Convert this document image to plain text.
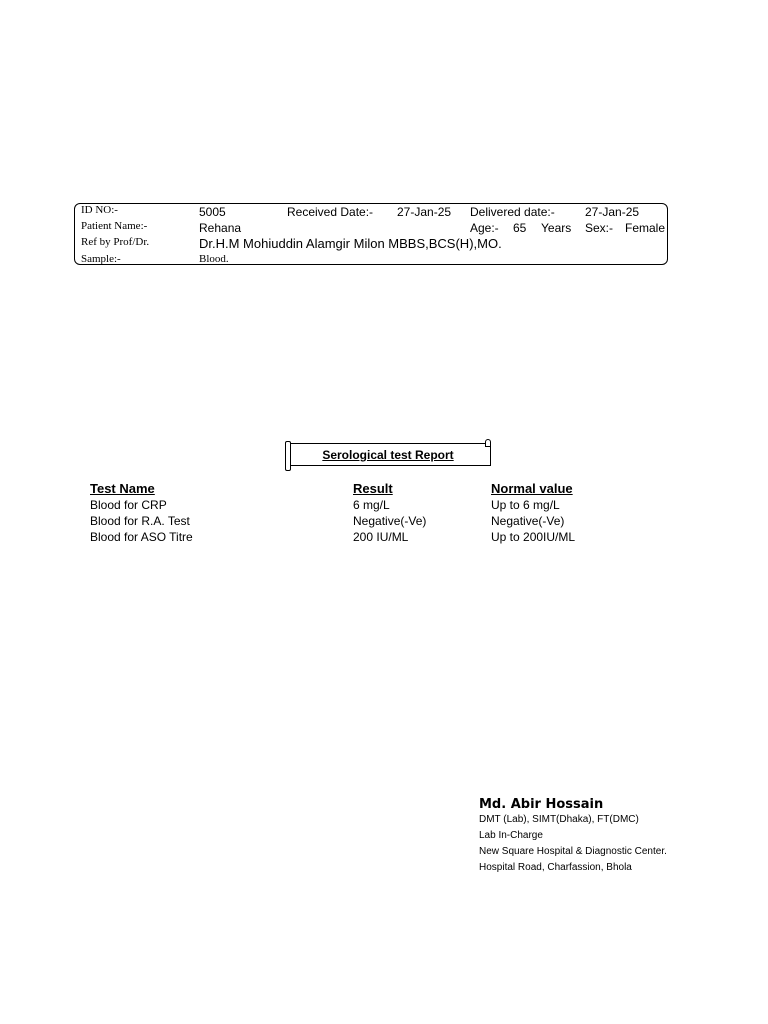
ID NO:-	5005	Received Date:- 27-Jan-25 Delivered date:-	27-Jan-25
Patient Name:-	Rehana	Age:- 65 Years Sex:- Female
Ref by Prof/Dr.	Dr.H.M Mohiuddin Alamgir Milon MBBS,BCS(H),MO.
Sample:-	Blood.
Serological test Report
Test Name	Result	Normal value
Blood for CRP	6 mg/L	Up to 6 mg/L
Blood for R.A. Test	Negative(-Ve)	Negative(-Ve)
Blood for ASO Titre	200 IU/ML	Up to 200IU/ML
Md. Abir Hossain
DMT (Lab), SIMT(Dhaka), FT(DMC)
Lab In-Charge
New Square Hospital & Diagnostic Center.
Hospital Road, Charfassion, Bhola
